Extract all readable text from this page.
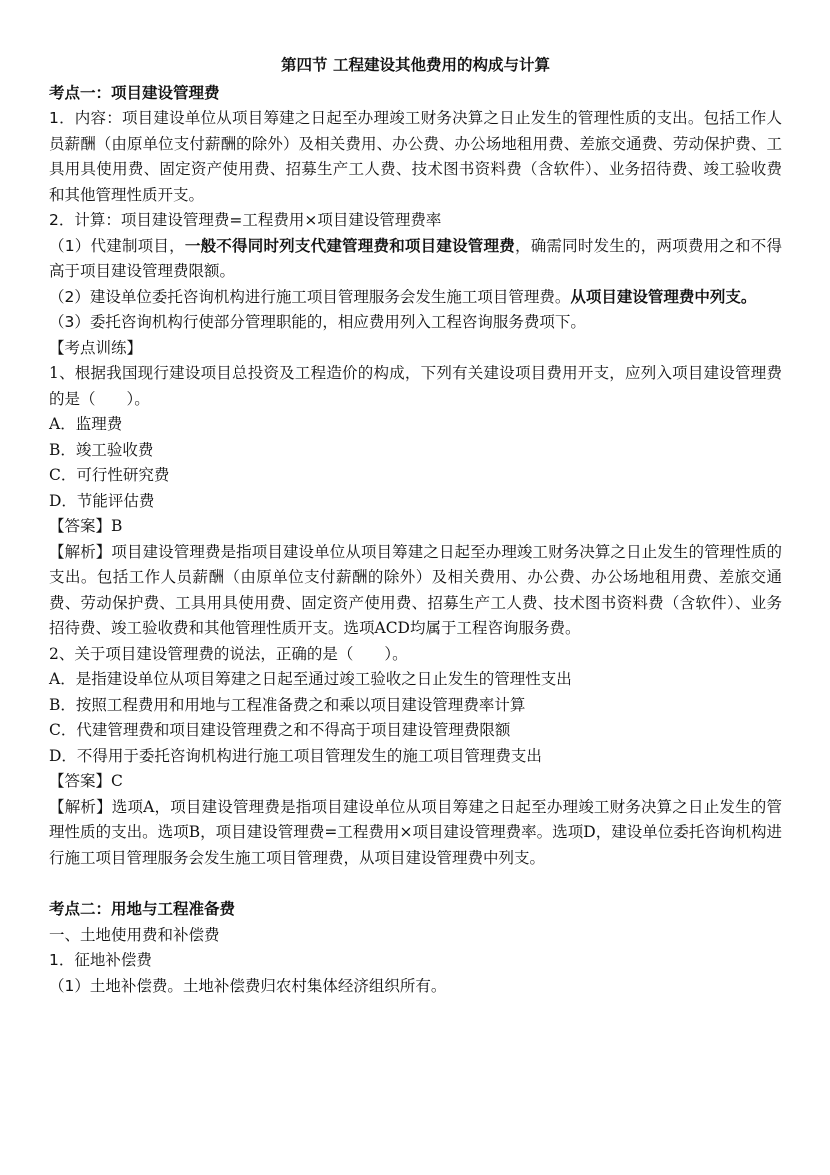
第四节 工程建设其他费用的构成与计算
考点一：项目建设管理费

1．内容：项目建设单位从项目筹建之日起至办理竣工财务决算之日止发生的管理性质的支出。包括工作人员薪酬（由原单位支付薪酬的除外）及相关费用、办公费、办公场地租用费、差旅交通费、劳动保护费、工具用具使用费、固定资产使用费、招募生产工人费、技术图书资料费（含软件）、业务招待费、竣工验收费和其他管理性质开支。

2．计算：项目建设管理费=工程费用×项目建设管理费率

（1）代建制项目，一般不得同时列支代建管理费和项目建设管理费，确需同时发生的，两项费用之和不得高于项目建设管理费限额。

（2）建设单位委托咨询机构进行施工项目管理服务会发生施工项目管理费。从项目建设管理费中列支。

（3）委托咨询机构行使部分管理职能的，相应费用列入工程咨询服务费项下。

【考点训练】

1、根据我国现行建设项目总投资及工程造价的构成，下列有关建设项目费用开支，应列入项目建设管理费的是（　　）。

A．监理费
B．竣工验收费
C．可行性研究费
D．节能评估费
【答案】B

【解析】项目建设管理费是指项目建设单位从项目筹建之日起至办理竣工财务决算之日止发生的管理性质的支出。包括工作人员薪酬（由原单位支付薪酬的除外）及相关费用、办公费、办公场地租用费、差旅交通费、劳动保护费、工具用具使用费、固定资产使用费、招募生产工人费、技术图书资料费（含软件）、业务招待费、竣工验收费和其他管理性质开支。选项ACD均属于工程咨询服务费。

2、关于项目建设管理费的说法，正确的是（　　）。

A．是指建设单位从项目筹建之日起至通过竣工验收之日止发生的管理性支出
B．按照工程费用和用地与工程准备费之和乘以项目建设管理费率计算
C．代建管理费和项目建设管理费之和不得高于项目建设管理费限额
D．不得用于委托咨询机构进行施工项目管理发生的施工项目管理费支出
【答案】C

【解析】选项A，项目建设管理费是指项目建设单位从项目筹建之日起至办理竣工财务决算之日止发生的管理性质的支出。选项B，项目建设管理费=工程费用×项目建设管理费率。选项D，建设单位委托咨询机构进行施工项目管理服务会发生施工项目管理费，从项目建设管理费中列支。

考点二：用地与工程准备费
一、土地使用费和补偿费
1．征地补偿费
（1）土地补偿费。土地补偿费归农村集体经济组织所有。
